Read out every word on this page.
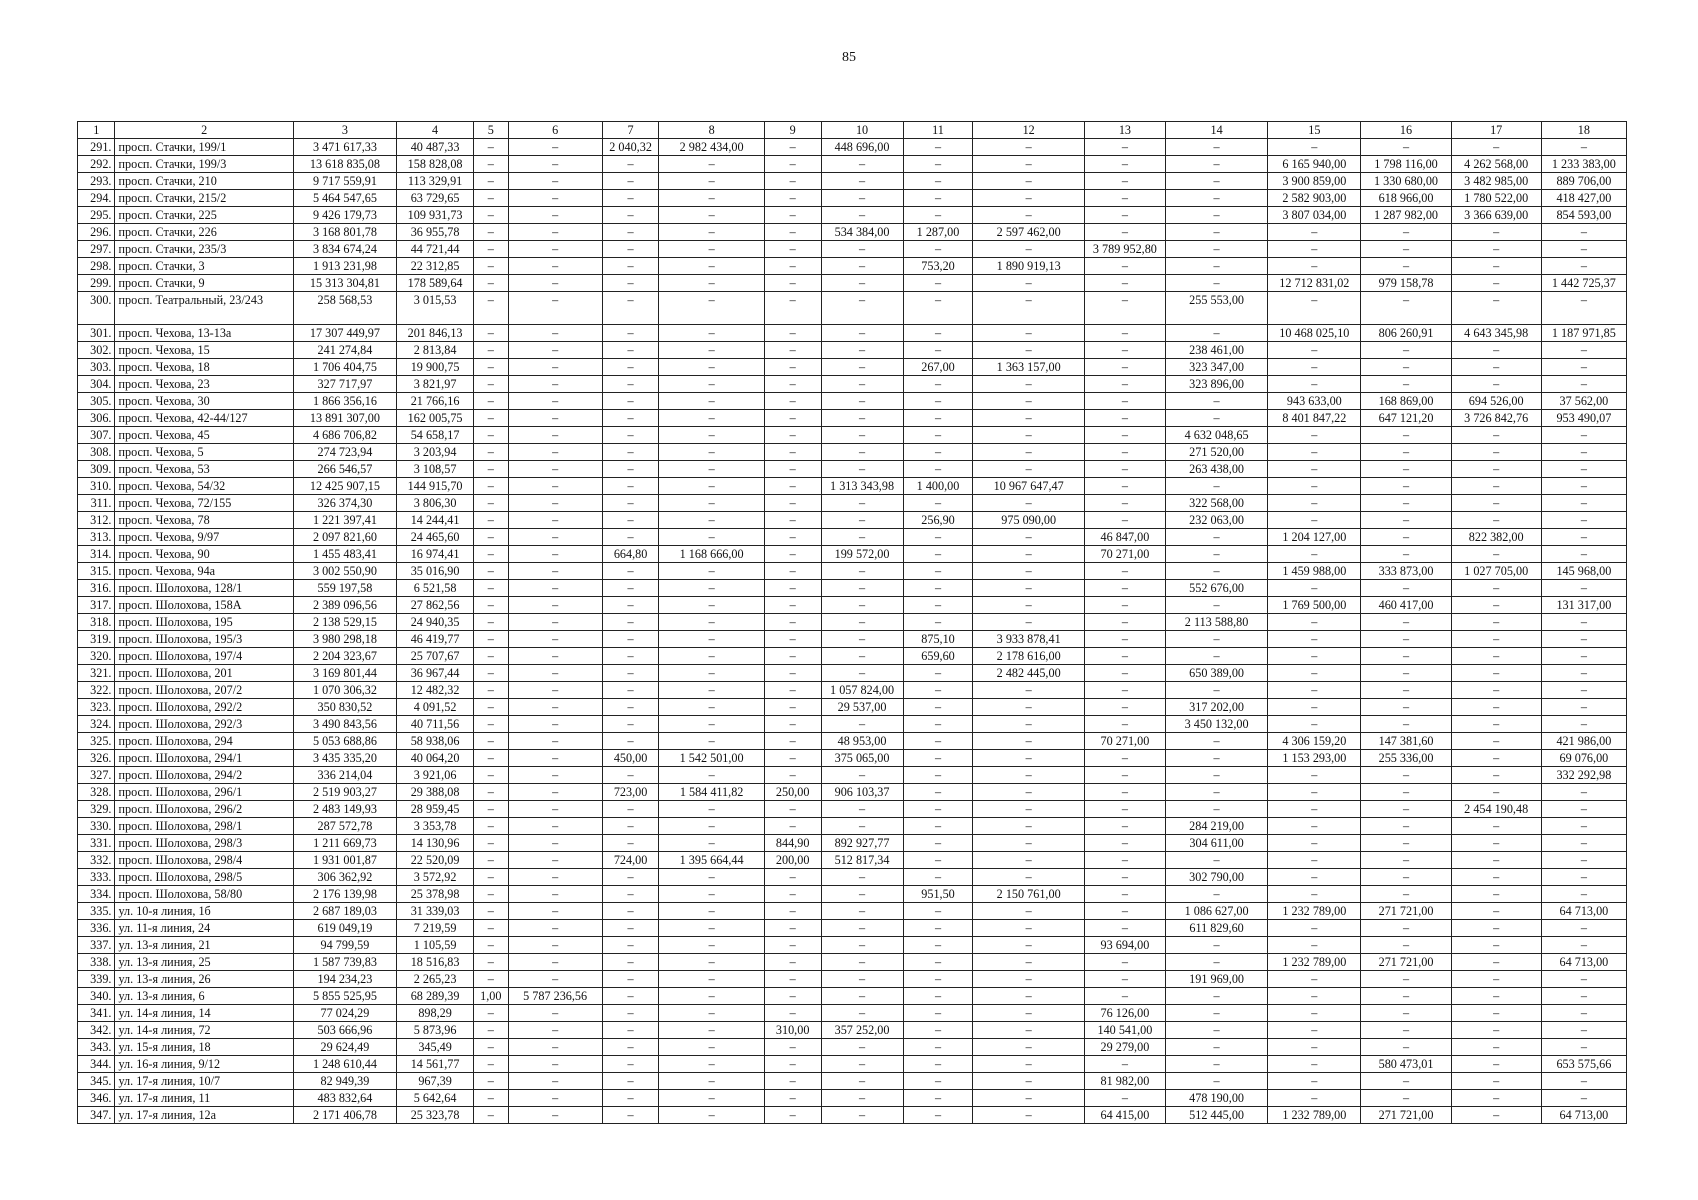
85
1	2	3	4	5	6	7	8	9	10	11	12	13	14	15	16	17	18
291.	просп. Стачки, 199/1	3 471 617,33	40 487,33	–	–	2 040,32	2 982 434,00	–	448 696,00	–	–	–	–	–	–	–	–
292.	просп. Стачки, 199/3	13 618 835,08	158 828,08	–	–	–	–	–	–	–	–	–	–	6 165 940,00	1 798 116,00	4 262 568,00	1 233 383,00
293.	просп. Стачки, 210	9 717 559,91	113 329,91	–	–	–	–	–	–	–	–	–	–	3 900 859,00	1 330 680,00	3 482 985,00	889 706,00
294.	просп. Стачки, 215/2	5 464 547,65	63 729,65	–	–	–	–	–	–	–	–	–	–	2 582 903,00	618 966,00	1 780 522,00	418 427,00
295.	просп. Стачки, 225	9 426 179,73	109 931,73	–	–	–	–	–	–	–	–	–	–	3 807 034,00	1 287 982,00	3 366 639,00	854 593,00
296.	просп. Стачки, 226	3 168 801,78	36 955,78	–	–	–	–	–	534 384,00	1 287,00	2 597 462,00	–	–	–	–	–	–
297.	просп. Стачки, 235/3	3 834 674,24	44 721,44	–	–	–	–	–	–	–	–	3 789 952,80	–	–	–	–	–
298.	просп. Стачки, 3	1 913 231,98	22 312,85	–	–	–	–	–	–	753,20	1 890 919,13	–	–	–	–	–	–
299.	просп. Стачки, 9	15 313 304,81	178 589,64	–	–	–	–	–	–	–	–	–	–	12 712 831,02	979 158,78	–	1 442 725,37
300.	просп. Театральный, 23/243	258 568,53	3 015,53	–	–	–	–	–	–	–	–	–	255 553,00	–	–	–	–
301.	просп. Чехова, 13-13а	17 307 449,97	201 846,13	–	–	–	–	–	–	–	–	–	–	10 468 025,10	806 260,91	4 643 345,98	1 187 971,85
302.	просп. Чехова, 15	241 274,84	2 813,84	–	–	–	–	–	–	–	–	–	238 461,00	–	–	–	–
303.	просп. Чехова, 18	1 706 404,75	19 900,75	–	–	–	–	–	–	267,00	1 363 157,00	–	323 347,00	–	–	–	–
304.	просп. Чехова, 23	327 717,97	3 821,97	–	–	–	–	–	–	–	–	–	323 896,00	–	–	–	–
305.	просп. Чехова, 30	1 866 356,16	21 766,16	–	–	–	–	–	–	–	–	–	–	943 633,00	168 869,00	694 526,00	37 562,00
306.	просп. Чехова, 42-44/127	13 891 307,00	162 005,75	–	–	–	–	–	–	–	–	–	–	8 401 847,22	647 121,20	3 726 842,76	953 490,07
307.	просп. Чехова, 45	4 686 706,82	54 658,17	–	–	–	–	–	–	–	–	–	4 632 048,65	–	–	–	–
308.	просп. Чехова, 5	274 723,94	3 203,94	–	–	–	–	–	–	–	–	–	271 520,00	–	–	–	–
309.	просп. Чехова, 53	266 546,57	3 108,57	–	–	–	–	–	–	–	–	–	263 438,00	–	–	–	–
310.	просп. Чехова, 54/32	12 425 907,15	144 915,70	–	–	–	–	–	1 313 343,98	1 400,00	10 967 647,47	–	–	–	–	–	–
311.	просп. Чехова, 72/155	326 374,30	3 806,30	–	–	–	–	–	–	–	–	–	322 568,00	–	–	–	–
312.	просп. Чехова, 78	1 221 397,41	14 244,41	–	–	–	–	–	–	256,90	975 090,00	–	232 063,00	–	–	–	–
313.	просп. Чехова, 9/97	2 097 821,60	24 465,60	–	–	–	–	–	–	–	–	46 847,00	–	1 204 127,00	–	822 382,00	–
314.	просп. Чехова, 90	1 455 483,41	16 974,41	–	–	664,80	1 168 666,00	–	199 572,00	–	–	70 271,00	–	–	–	–	–
315.	просп. Чехова, 94а	3 002 550,90	35 016,90	–	–	–	–	–	–	–	–	–	–	1 459 988,00	333 873,00	1 027 705,00	145 968,00
316.	просп. Шолохова, 128/1	559 197,58	6 521,58	–	–	–	–	–	–	–	–	–	552 676,00	–	–	–	–
317.	просп. Шолохова, 158А	2 389 096,56	27 862,56	–	–	–	–	–	–	–	–	–	–	1 769 500,00	460 417,00	–	131 317,00
318.	просп. Шолохова, 195	2 138 529,15	24 940,35	–	–	–	–	–	–	–	–	–	2 113 588,80	–	–	–	–
319.	просп. Шолохова, 195/3	3 980 298,18	46 419,77	–	–	–	–	–	–	875,10	3 933 878,41	–	–	–	–	–	–
320.	просп. Шолохова, 197/4	2 204 323,67	25 707,67	–	–	–	–	–	–	659,60	2 178 616,00	–	–	–	–	–	–
321.	просп. Шолохова, 201	3 169 801,44	36 967,44	–	–	–	–	–	–	–	2 482 445,00	–	650 389,00	–	–	–	–
322.	просп. Шолохова, 207/2	1 070 306,32	12 482,32	–	–	–	–	–	1 057 824,00	–	–	–	–	–	–	–	–
323.	просп. Шолохова, 292/2	350 830,52	4 091,52	–	–	–	–	–	29 537,00	–	–	–	317 202,00	–	–	–	–
324.	просп. Шолохова, 292/3	3 490 843,56	40 711,56	–	–	–	–	–	–	–	–	–	3 450 132,00	–	–	–	–
325.	просп. Шолохова, 294	5 053 688,86	58 938,06	–	–	–	–	–	48 953,00	–	–	70 271,00	–	4 306 159,20	147 381,60	–	421 986,00
326.	просп. Шолохова, 294/1	3 435 335,20	40 064,20	–	–	450,00	1 542 501,00	–	375 065,00	–	–	–	–	1 153 293,00	255 336,00	–	69 076,00
327.	просп. Шолохова, 294/2	336 214,04	3 921,06	–	–	–	–	–	–	–	–	–	–	–	–	–	332 292,98
328.	просп. Шолохова, 296/1	2 519 903,27	29 388,08	–	–	723,00	1 584 411,82	250,00	906 103,37	–	–	–	–	–	–	–	–
329.	просп. Шолохова, 296/2	2 483 149,93	28 959,45	–	–	–	–	–	–	–	–	–	–	–	–	2 454 190,48	–
330.	просп. Шолохова, 298/1	287 572,78	3 353,78	–	–	–	–	–	–	–	–	–	284 219,00	–	–	–	–
331.	просп. Шолохова, 298/3	1 211 669,73	14 130,96	–	–	–	–	844,90	892 927,77	–	–	–	304 611,00	–	–	–	–
332.	просп. Шолохова, 298/4	1 931 001,87	22 520,09	–	–	724,00	1 395 664,44	200,00	512 817,34	–	–	–	–	–	–	–	–
333.	просп. Шолохова, 298/5	306 362,92	3 572,92	–	–	–	–	–	–	–	–	–	302 790,00	–	–	–	–
334.	просп. Шолохова, 58/80	2 176 139,98	25 378,98	–	–	–	–	–	–	951,50	2 150 761,00	–	–	–	–	–	–
335.	ул. 10-я линия, 1б	2 687 189,03	31 339,03	–	–	–	–	–	–	–	–	–	1 086 627,00	1 232 789,00	271 721,00	–	64 713,00
336.	ул. 11-я линия, 24	619 049,19	7 219,59	–	–	–	–	–	–	–	–	–	611 829,60	–	–	–	–
337.	ул. 13-я линия, 21	94 799,59	1 105,59	–	–	–	–	–	–	–	–	93 694,00	–	–	–	–	–
338.	ул. 13-я линия, 25	1 587 739,83	18 516,83	–	–	–	–	–	–	–	–	–	–	1 232 789,00	271 721,00	–	64 713,00
339.	ул. 13-я линия, 26	194 234,23	2 265,23	–	–	–	–	–	–	–	–	–	191 969,00	–	–	–	–
340.	ул. 13-я линия, 6	5 855 525,95	68 289,39	1,00	5 787 236,56	–	–	–	–	–	–	–	–	–	–	–	–
341.	ул. 14-я линия, 14	77 024,29	898,29	–	–	–	–	–	–	–	–	76 126,00	–	–	–	–	–
342.	ул. 14-я линия, 72	503 666,96	5 873,96	–	–	–	–	310,00	357 252,00	–	–	140 541,00	–	–	–	–	–
343.	ул. 15-я линия, 18	29 624,49	345,49	–	–	–	–	–	–	–	–	29 279,00	–	–	–	–	–
344.	ул. 16-я линия, 9/12	1 248 610,44	14 561,77	–	–	–	–	–	–	–	–	–	–	–	580 473,01	–	653 575,66
345.	ул. 17-я линия, 10/7	82 949,39	967,39	–	–	–	–	–	–	–	–	81 982,00	–	–	–	–	–
346.	ул. 17-я линия, 11	483 832,64	5 642,64	–	–	–	–	–	–	–	–	–	478 190,00	–	–	–	–
347.	ул. 17-я линия, 12а	2 171 406,78	25 323,78	–	–	–	–	–	–	–	–	64 415,00	512 445,00	1 232 789,00	271 721,00	–	64 713,00
